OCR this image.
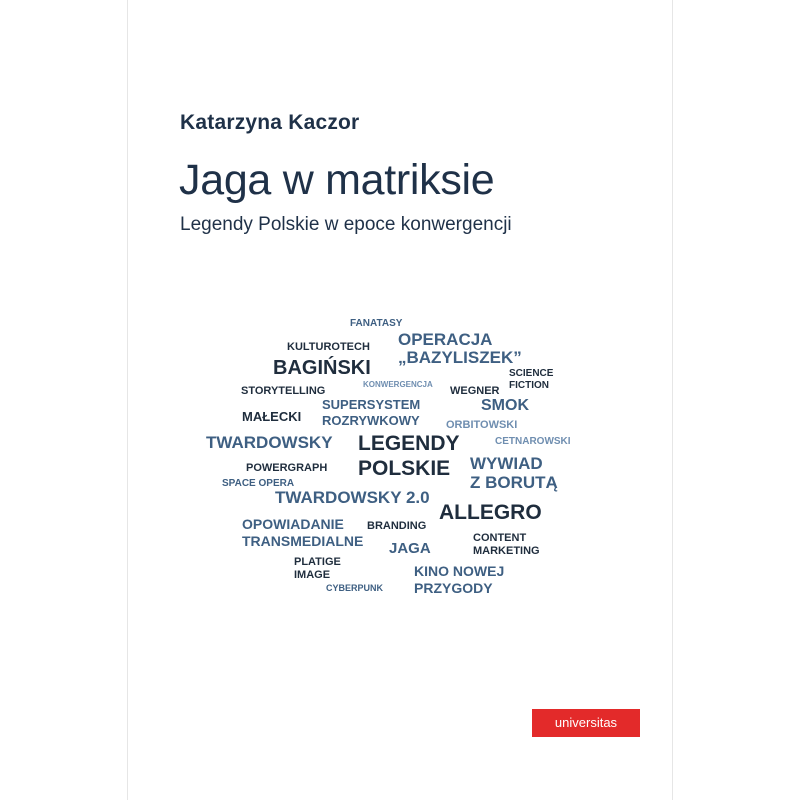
Katarzyna Kaczor
Jaga w matriksie
Legendy Polskie w epoce konwergencji
FANATASY
KULTUROTECH OPERACJA
„BAZYLISZEK”
BAGIŃSKI	SCIENCE
FICTION
STORYTELLING
KONWERGENCJA
WEGNER
SUPERSYSTEM	SMOK
MAŁECKI ROZRYWKOWY ORBITOWSKI
TWARDOWSKY LEGENDY	CETNAROWSKI
POWERGRAPH POLSKIE WYWIAD
SPACE OPERA	Z BORUTĄ
TWARDOWSKY 2.0
ALLEGRO
OPOWIADANIE BRANDING
TRANSMEDIALNE	CONTENT
MARKETING
JAGA
PLATIGE
IMAGE	KINO NOWEJ
CYBERPUNK PRZYGODY
universitas
